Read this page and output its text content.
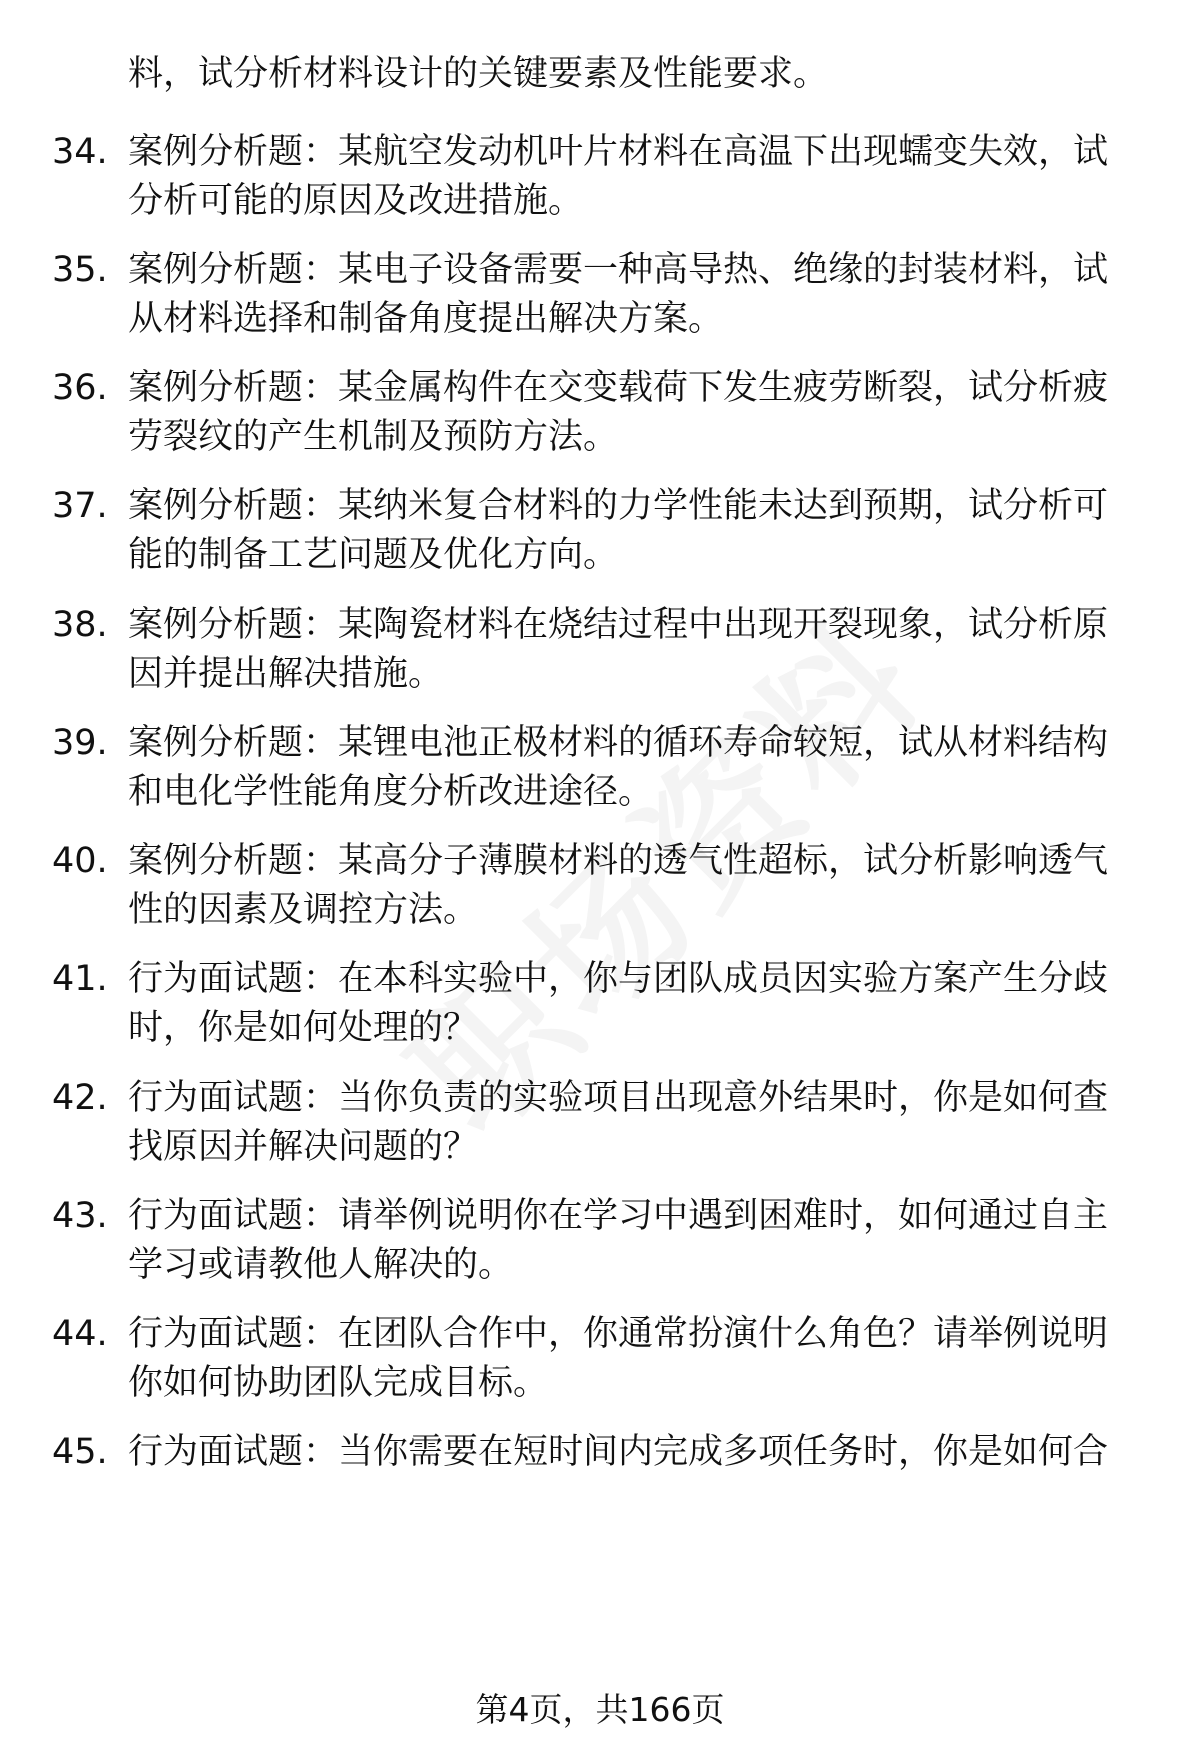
料，试分析材料设计的关键要素及性能要求。
34. 案例分析题：某航空发动机叶片材料在高温下出现蠕变失效，试分析可能的原因及改进措施。
35. 案例分析题：某电子设备需要一种高导热、绝缘的封装材料，试从材料选择和制备角度提出解决方案。
36. 案例分析题：某金属构件在交变载荷下发生疲劳断裂，试分析疲劳裂纹的产生机制及预防方法。
37. 案例分析题：某纳米复合材料的力学性能未达到预期，试分析可能的制备工艺问题及优化方向。
38. 案例分析题：某陶瓷材料在烧结过程中出现开裂现象，试分析原因并提出解决措施。
39. 案例分析题：某锂电池正极材料的循环寿命较短，试从材料结构和电化学性能角度分析改进途径。
40. 案例分析题：某高分子薄膜材料的透气性超标，试分析影响透气性的因素及调控方法。
41. 行为面试题：在本科实验中，你与团队成员因实验方案产生分歧时，你是如何处理的？
42. 行为面试题：当你负责的实验项目出现意外结果时，你是如何查找原因并解决问题的？
43. 行为面试题：请举例说明你在学习中遇到困难时，如何通过自主学习或请教他人解决的。
44. 行为面试题：在团队合作中，你通常扮演什么角色？请举例说明你如何协助团队完成目标。
45. 行为面试题：当你需要在短时间内完成多项任务时，你是如何合
第4页，共166页
